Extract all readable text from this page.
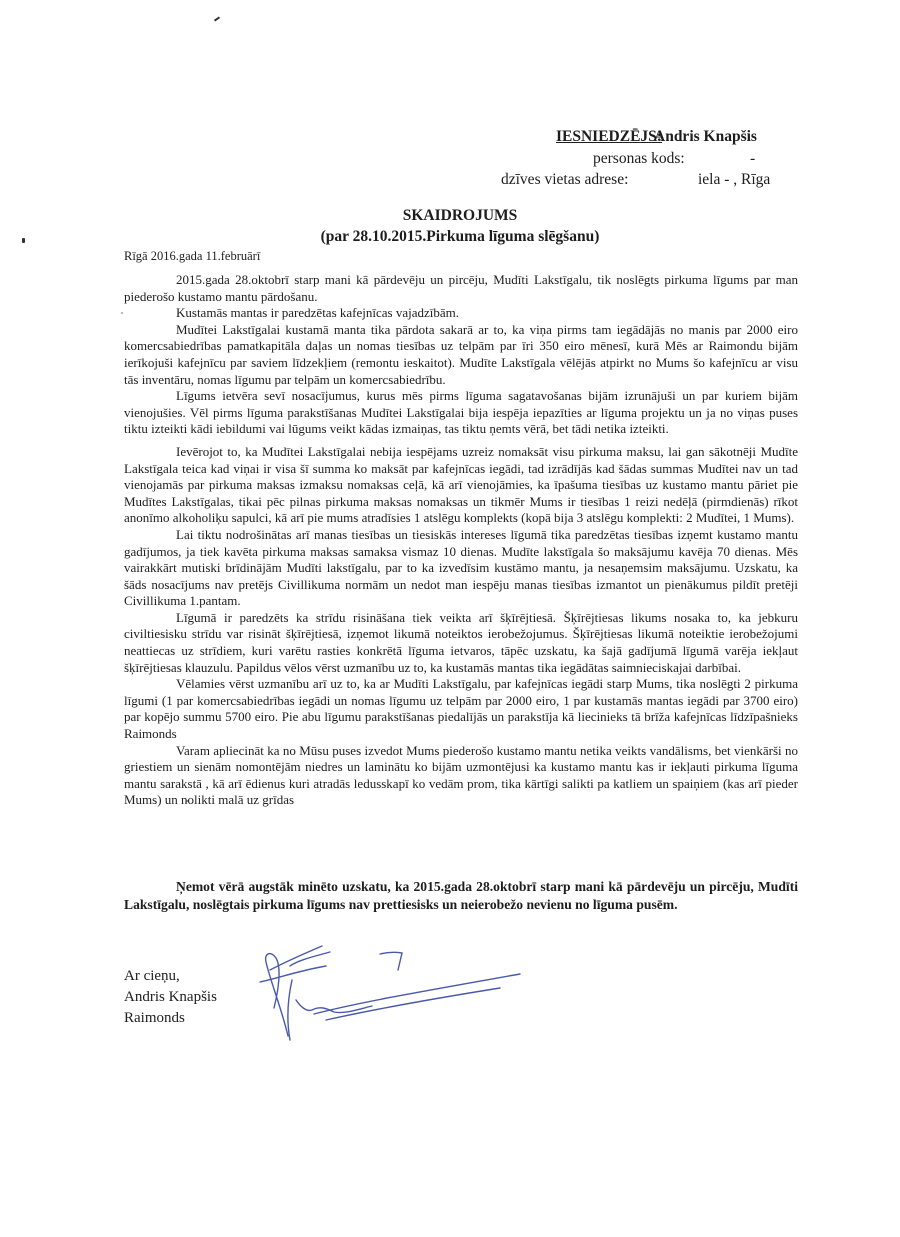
IESNIEDZĒJS:
Andris Knapšis
personas kods:	-
dzīves vietas adrese:	iela - , Rīga
SKAIDROJUMS
(par 28.10.2015.Pirkuma līguma slēgšanu)
Rīgā 2016.gada 11.februārī

2015.gada 28.oktobrī starp mani kā pārdevēju un pircēju, Mudīti Lakstīgalu, tik noslēgts pirkuma līgums par man piederošo kustamo mantu pārdošanu.

Kustamās mantas ir paredzētas kafejnīcas vajadzībām.

Mudītei Lakstīgalai kustamā manta tika pārdota sakarā ar to, ka viņa pirms tam iegādājās no manis par 2000 eiro komercsabiedrības pamatkapitāla daļas un nomas tiesības uz telpām par īri 350 eiro mēnesī, kurā Mēs ar Raimondu bijām ierīkojuši kafejnīcu par saviem līdzekļiem (remontu ieskaitot). Mudīte Lakstīgala vēlējās atpirkt no Mums šo kafejnīcu ar visu tās inventāru, nomas līgumu par telpām un komercsabiedrību.

Līgums ietvēra sevī nosacījumus, kurus mēs pirms līguma sagatavošanas bijām izrunājuši un par kuriem bijām vienojušies. Vēl pirms līguma parakstīšanas Mudītei Lakstīgalai bija iespēja iepazīties ar līguma projektu un ja no viņas puses tiktu izteikti kādi iebildumi vai lūgums veikt kādas izmaiņas, tas tiktu ņemts vērā, bet tādi netika izteikti.

Ievērojot to, ka Mudītei Lakstīgalai nebija iespējams uzreiz nomaksāt visu pirkuma maksu, lai gan sākotnēji Mudīte Lakstīgala teica kad viņai ir visa šī summa ko maksāt par kafejnīcas iegādi, tad izrādījās kad šādas summas Mudītei nav un tad vienojamās par pirkuma maksas izmaksu nomaksas ceļā, kā arī vienojāmies, ka īpašuma tiesības uz kustamo mantu pāriet pie Mudītes Lakstīgalas, tikai pēc pilnas pirkuma maksas nomaksas un tikmēr Mums ir tiesības 1 reizi nedēļā (pirmdienās) rīkot anonīmo alkoholiķu sapulci, kā arī pie mums atradīsies 1 atslēgu komplekts (kopā bija 3 atslēgu komplekti: 2 Mudītei, 1 Mums).

Lai tiktu nodrošinātas arī manas tiesības un tiesiskās intereses līgumā tika paredzētas tiesības izņemt kustamo mantu gadījumos, ja tiek kavēta pirkuma maksas samaksa vismaz 10 dienas. Mudīte lakstīgala šo maksājumu kavēja 70 dienas. Mēs vairakkārt mutiski brīdinājām Mudīti lakstīgalu, par to ka izvedīsim kustāmo mantu, ja nesaņemsim maksājumu. Uzskatu, ka šāds nosacījums nav pretējs Civillikuma normām un nedot man iespēju manas tiesības izmantot un pienākumus pildīt pretēji Civillikuma 1.pantam.

Līgumā ir paredzēts ka strīdu risināšana tiek veikta arī šķīrējtiesā. Šķīrējtiesas likums nosaka to, ka jebkuru civiltiesisku strīdu var risināt šķīrējtiesā, izņemot likumā noteiktos ierobežojumus. Šķīrējtiesas likumā noteiktie ierobežojumi neattiecas uz strīdiem, kuri varētu rasties konkrētā līguma ietvaros, tāpēc uzskatu, ka šajā gadījumā līgumā varēja iekļaut šķīrējtiesas klauzulu. Papildus vēlos vērst uzmanību uz to, ka kustamās mantas tika iegādātas saimnieciskajai darbībai.

Vēlamies vērst uzmanību arī uz to, ka ar Mudīti Lakstīgalu, par kafejnīcas iegādi starp Mums, tika noslēgti 2 pirkuma līgumi (1 par komercsabiedrības iegādi un nomas līgumu uz telpām par 2000 eiro, 1 par kustamās mantas iegādi par 3700 eiro) par kopējo summu 5700 eiro. Pie abu līgumu parakstīšanas piedalījās un parakstīja kā liecinieks tā brīža kafejnīcas līdzīpašnieks Raimonds

Varam apliecināt ka no Mūsu puses izvedot Mums piederošo kustamo mantu netika veikts vandālisms, bet vienkārši no griestiem un sienām nomontējām niedres un laminātu ko bijām uzmontējusi ka kustamo mantu kas ir iekļauti pirkuma līguma mantu sarakstā , kā arī ēdienus kuri atradās ledusskapī ko vedām prom, tika kārtīgi salikti pa katliem un spaiņiem (kas arī pieder Mums) un nolikti malā uz grīdas

Ņemot vērā augstāk minēto uzskatu, ka 2015.gada 28.oktobrī starp mani kā pārdevēju un pircēju, Mudīti Lakstīgalu, noslēgtais pirkuma līgums nav prettiesisks un neierobežo nevienu no līguma pusēm.
Ar cieņu,
Andris Knapšis
Raimonds
